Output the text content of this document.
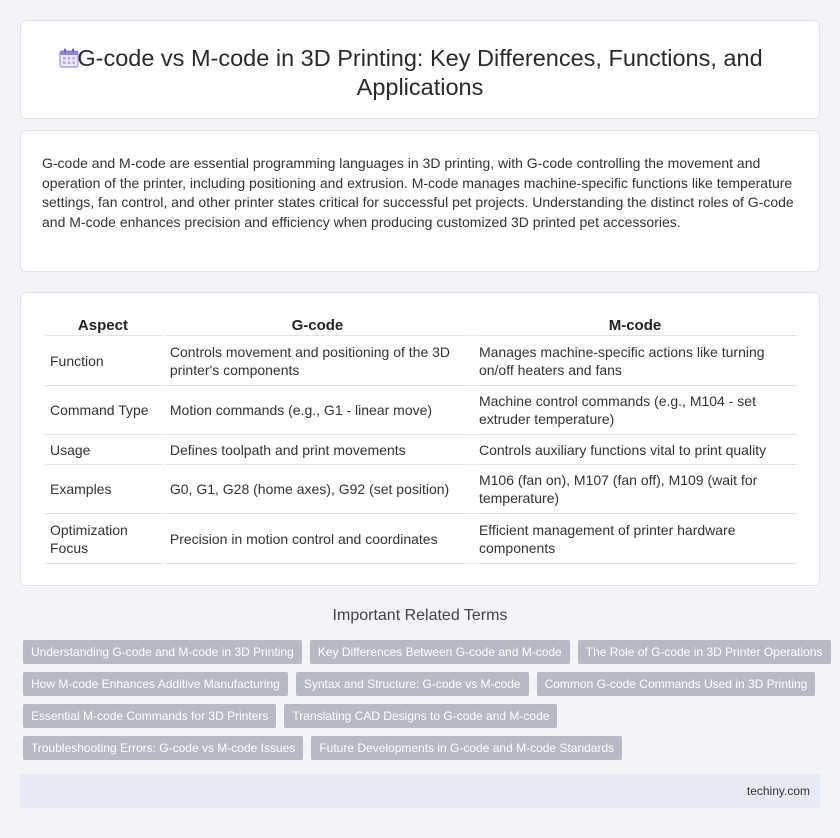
G-code vs M-code in 3D Printing: Key Differences, Functions, and Applications

G-code and M-code are essential programming languages in 3D printing, with G-code controlling the movement and operation of the printer, including positioning and extrusion. M-code manages machine-specific functions like temperature settings, fan control, and other printer states critical for successful pet projects. Understanding the distinct roles of G-code and M-code enhances precision and efficiency when producing customized 3D printed pet accessories.

Aspect	G-code	M-code
Function	Controls movement and positioning of the 3D printer's components	Manages machine-specific actions like turning on/off heaters and fans
Command Type	Motion commands (e.g., G1 - linear move)	Machine control commands (e.g., M104 - set extruder temperature)
Usage	Defines toolpath and print movements	Controls auxiliary functions vital to print quality
Examples	G0, G1, G28 (home axes), G92 (set position)	M106 (fan on), M107 (fan off), M109 (wait for temperature)
Optimization Focus	Precision in motion control and coordinates	Efficient management of printer hardware components
Important Related Terms
Understanding G-code and M-code in 3D Printing	Key Differences Between G-code and M-code	The Role of G-code in 3D Printer Operations
How M-code Enhances Additive Manufacturing	Syntax and Structure: G-code vs M-code	Common G-code Commands Used in 3D Printing
Essential M-code Commands for 3D Printers	Translating CAD Designs to G-code and M-code
Troubleshooting Errors: G-code vs M-code Issues	Future Developments in G-code and M-code Standards
techiny.com
